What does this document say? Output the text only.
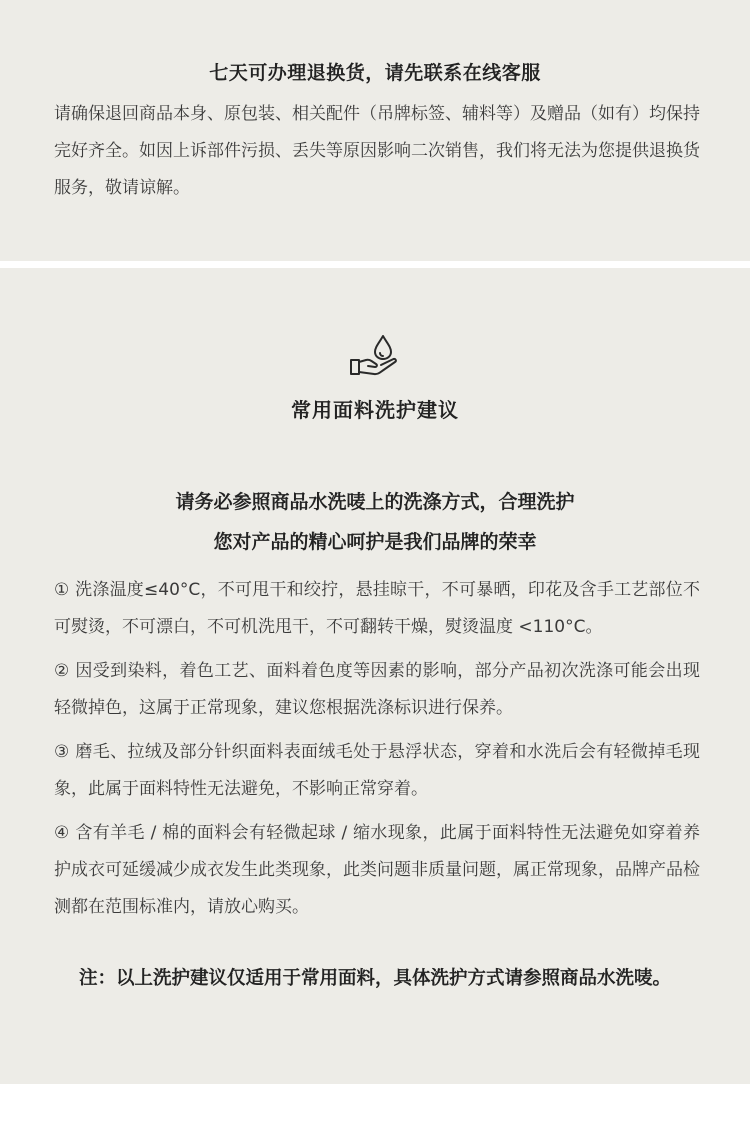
七天可办理退换货，请先联系在线客服
请确保退回商品本身、原包装、相关配件（吊牌标签、辅料等）及赠品（如有）均保持完好齐全。如因上诉部件污损、丢失等原因影响二次销售，我们将无法为您提供退换货服务，敬请谅解。
常用面料洗护建议
请务必参照商品水洗唛上的洗涤方式，合理洗护
您对产品的精心呵护是我们品牌的荣幸
① 洗涤温度≤40°C，不可甩干和绞拧，悬挂晾干，不可暴晒，印花及含手工艺部位不可熨烫，不可漂白，不可机洗甩干，不可翻转干燥，熨烫温度 <110°C。
② 因受到染料，着色工艺、面料着色度等因素的影响，部分产品初次洗涤可能会出现轻微掉色，这属于正常现象，建议您根据洗涤标识进行保养。
③ 磨毛、拉绒及部分针织面料表面绒毛处于悬浮状态，穿着和水洗后会有轻微掉毛现象，此属于面料特性无法避免，不影响正常穿着。
④ 含有羊毛 / 棉的面料会有轻微起球 / 缩水现象，此属于面料特性无法避免如穿着养护成衣可延缓减少成衣发生此类现象，此类问题非质量问题，属正常现象，品牌产品检测都在范围标准内，请放心购买。
注：以上洗护建议仅适用于常用面料，具体洗护方式请参照商品水洗唛。
